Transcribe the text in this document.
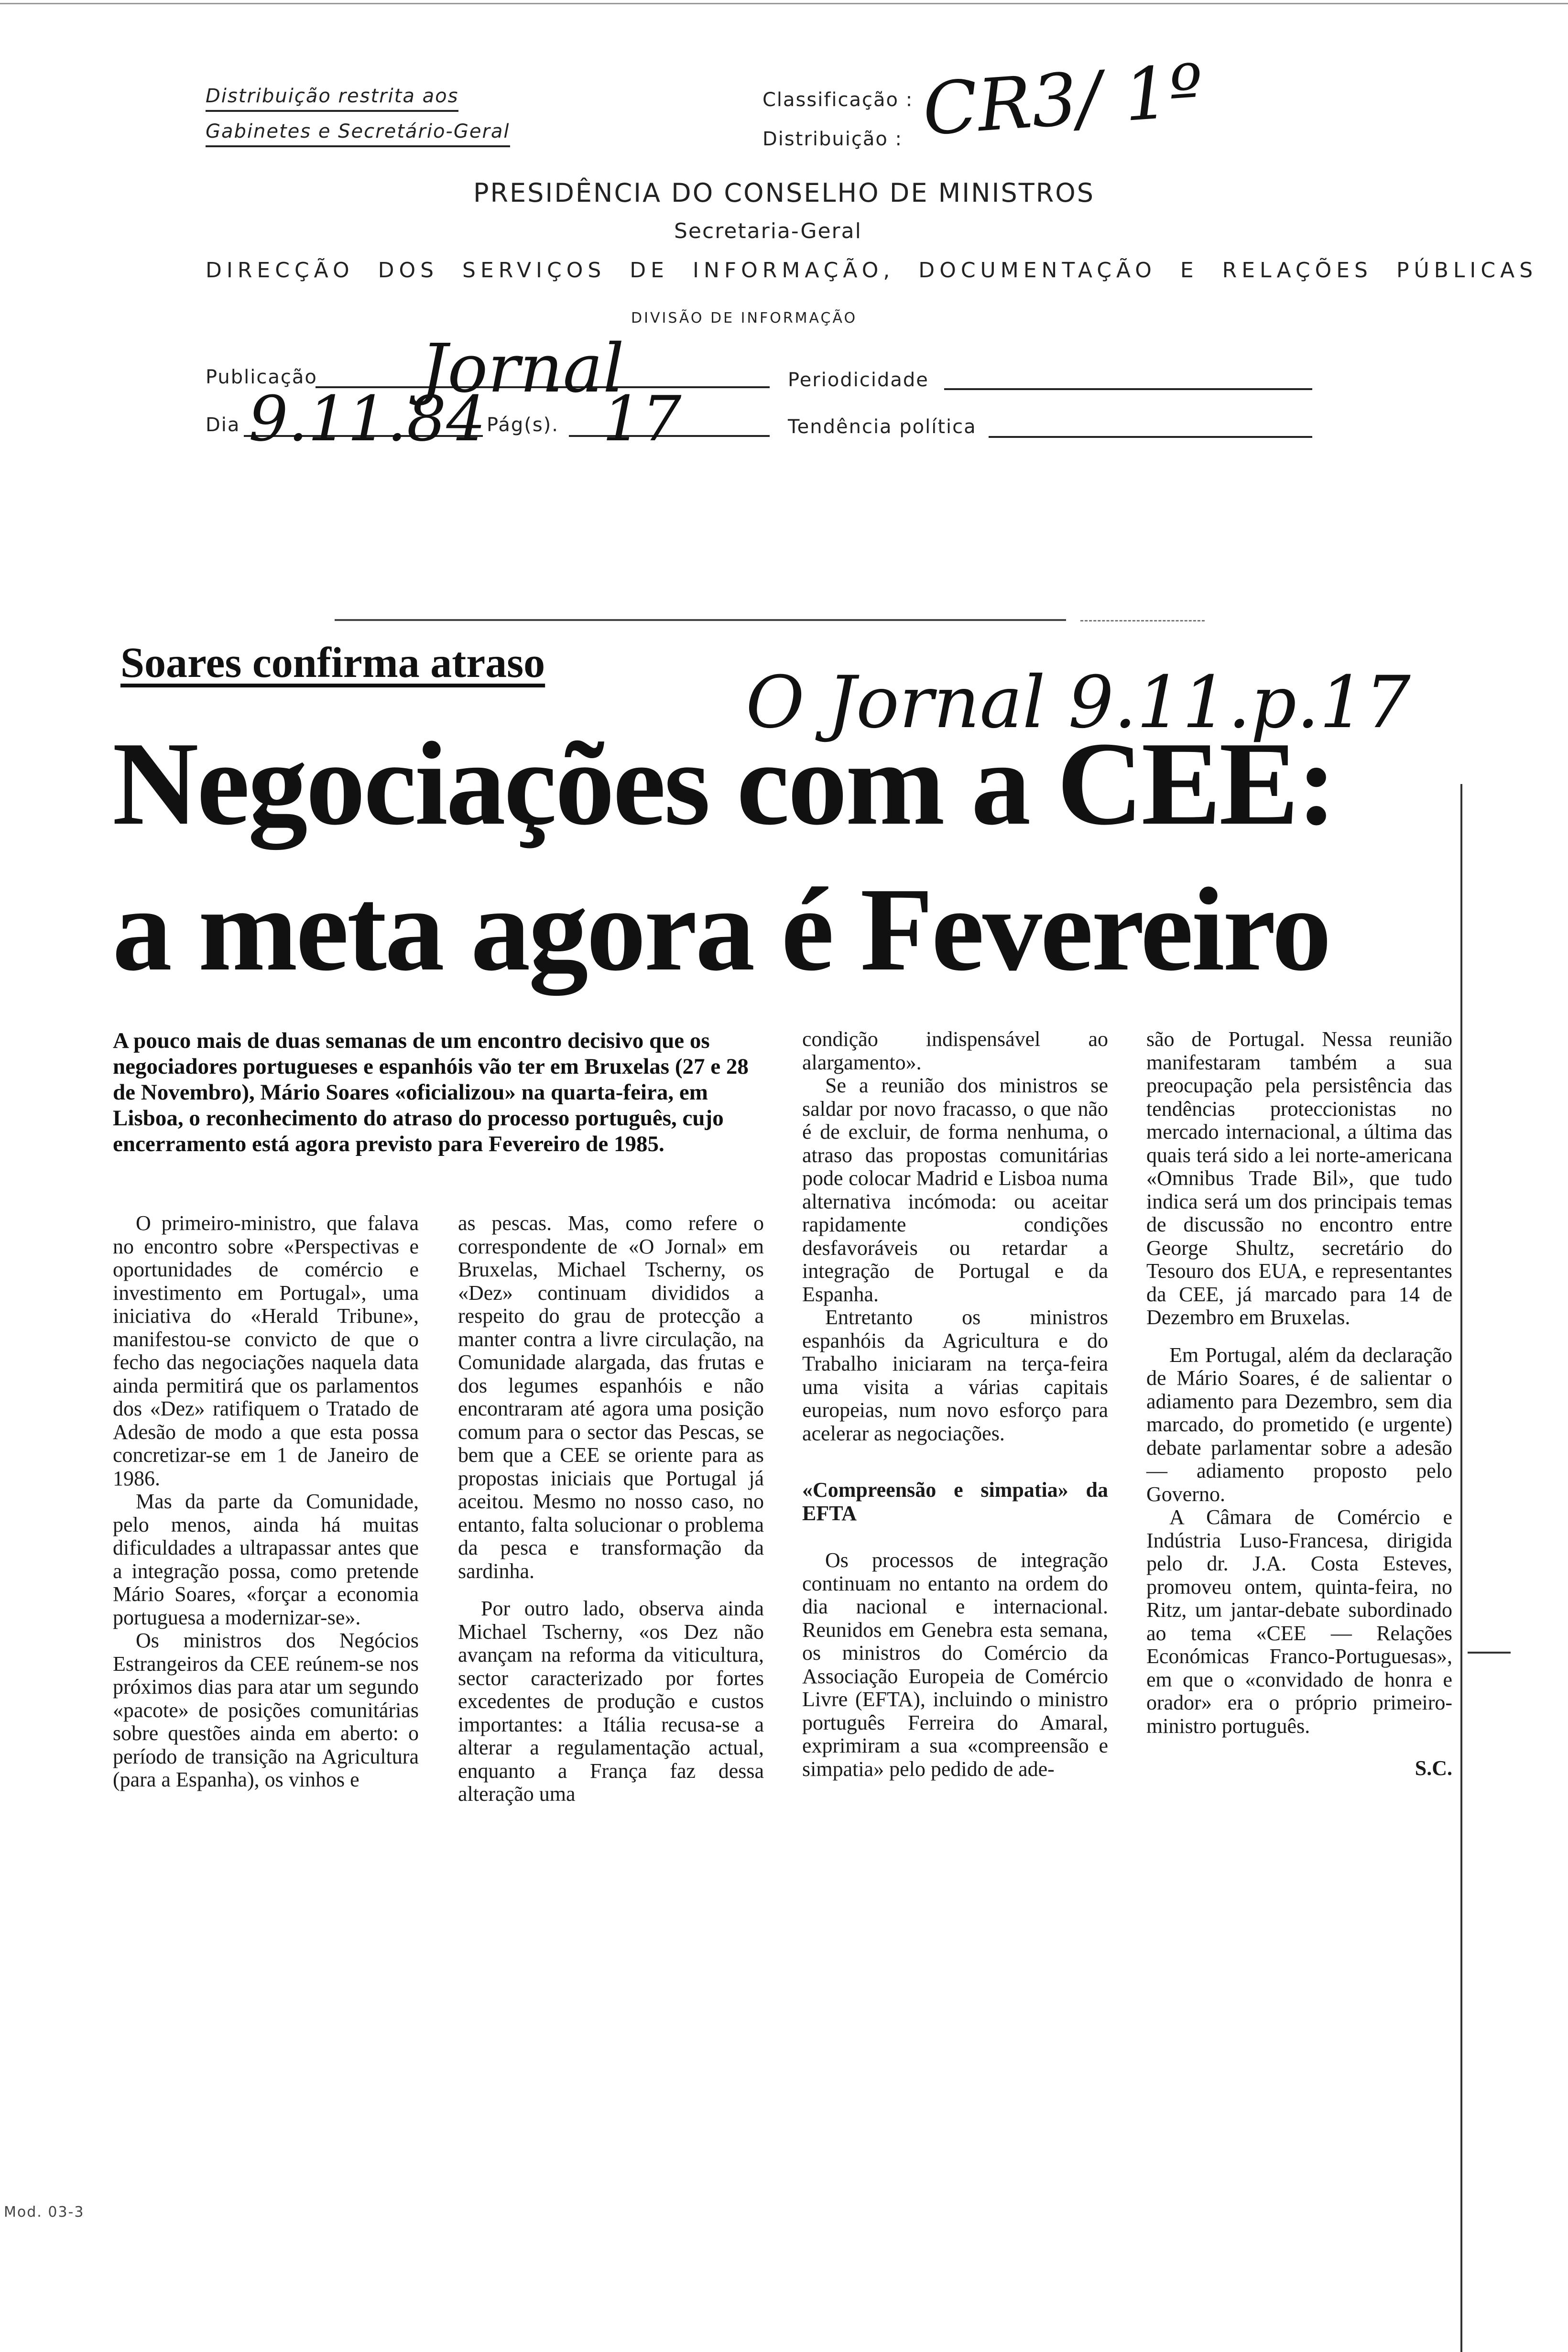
Distribuição restrita aos
Gabinetes e Secretário-Geral
Classificação :
Distribuição : CR3/ 1º
PRESIDÊNCIA DO CONSELHO DE MINISTROS
Secretaria-Geral
DIRECÇÃO DOS SERVIÇOS DE INFORMAÇÃO, DOCUMENTAÇÃO E RELAÇÕES PÚBLICAS
DIVISÃO DE INFORMAÇÃO
Publicação Jornal	Periodicidade
Dia 9.11.84 Pág(s). 17	Tendência política
Soares confirma atraso	O Jornal 9.11.p.17
Negociações com a CEE:
a meta agora é Fevereiro
A pouco mais de duas semanas de um encontro decisivo que os negociadores portugueses e espanhóis vão ter em Bruxelas (27 e 28 de Novembro), Mário Soares «oficializou» na quarta-feira, em Lisboa, o reconhecimento do atraso do processo português, cujo encerramento está agora previsto para Fevereiro de 1985.

O primeiro-ministro, que falava no encontro sobre «Perspectivas e oportunidades de comércio e investimento em Portugal», uma iniciativa do «Herald Tribune», manifestou-se convicto de que o fecho das negociações naquela data ainda permitirá que os parlamentos dos «Dez» ratifiquem o Tratado de Adesão de modo a que esta possa concretizar-se em 1 de Janeiro de 1986.

Mas da parte da Comunidade, pelo menos, ainda há muitas dificuldades a ultrapassar antes que a integração possa, como pretende Mário Soares, «forçar a economia portuguesa a modernizar-se».

Os ministros dos Negócios Estrangeiros da CEE reúnem-se nos próximos dias para atar um segundo «pacote» de posições comunitárias sobre questões ainda em aberto: o período de transição na Agricultura (para a Espanha), os vinhos e

as pescas. Mas, como refere o correspondente de «O Jornal» em Bruxelas, Michael Tscherny, os «Dez» continuam divididos a respeito do grau de protecção a manter contra a livre circulação, na Comunidade alargada, das frutas e dos legumes espanhóis e não encontraram até agora uma posição comum para o sector das Pescas, se bem que a CEE se oriente para as propostas iniciais que Portugal já aceitou. Mesmo no nosso caso, no entanto, falta solucionar o problema da pesca e transformação da sardinha.

Por outro lado, observa ainda Michael Tscherny, «os Dez não avançam na reforma da viticultura, sector caracterizado por fortes excedentes de produção e custos importantes: a Itália recusa-se a alterar a regulamentação actual, enquanto a França faz dessa alteração uma

condição indispensável ao alargamento».

Se a reunião dos ministros se saldar por novo fracasso, o que não é de excluir, de forma nenhuma, o atraso das propostas comunitárias pode colocar Madrid e Lisboa numa alternativa incómoda: ou aceitar rapidamente condições desfavoráveis ou retardar a integração de Portugal e da Espanha.

Entretanto os ministros espanhóis da Agricultura e do Trabalho iniciaram na terça-feira uma visita a várias capitais europeias, num novo esforço para acelerar as negociações.

«Compreensão e simpatia» da EFTA

Os processos de integração continuam no entanto na ordem do dia nacional e internacional. Reunidos em Genebra esta semana, os ministros do Comércio da Associação Europeia de Comércio Livre (EFTA), incluindo o ministro português Ferreira do Amaral, exprimiram a sua «compreensão e simpatia» pelo pedido de ade-

são de Portugal. Nessa reunião manifestaram também a sua preocupação pela persistência das tendências proteccionistas no mercado internacional, a última das quais terá sido a lei norte-americana «Omnibus Trade Bil», que tudo indica será um dos principais temas de discussão no encontro entre George Shultz, secretário do Tesouro dos EUA, e representantes da CEE, já marcado para 14 de Dezembro em Bruxelas.

Em Portugal, além da declaração de Mário Soares, é de salientar o adiamento para Dezembro, sem dia marcado, do prometido (e urgente) debate parlamentar sobre a adesão — adiamento proposto pelo Governo.

A Câmara de Comércio e Indústria Luso-Francesa, dirigida pelo dr. J.A. Costa Esteves, promoveu ontem, quinta-feira, no Ritz, um jantar-debate subordinado ao tema «CEE — Relações Económicas Franco-Portuguesas», em que o «convidado de honra e orador» era o próprio primeiro-ministro português.

S.C.
Mod. 03-3
